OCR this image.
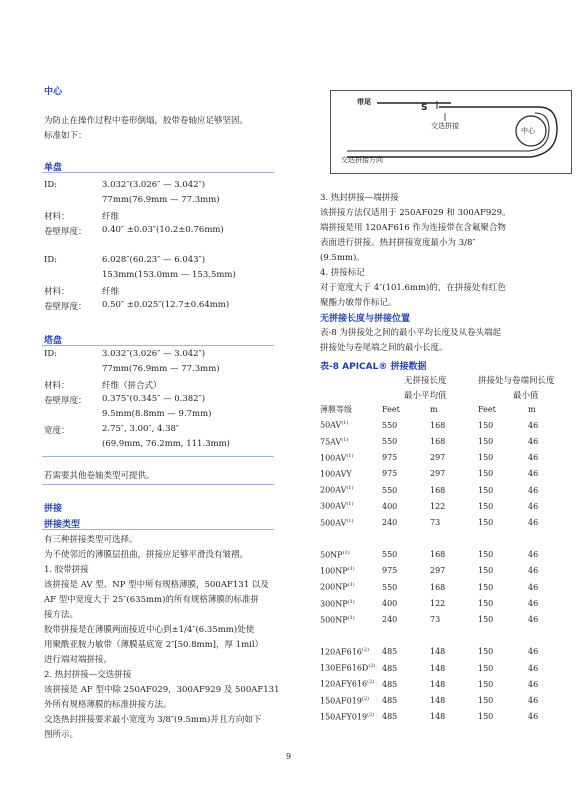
中心
为防止在操作过程中卷形倒塌，胶带卷轴应足够坚固。
标准如下：
单盘
ID:	3.032″(3.026″ — 3.042″)
77mm(76.9mm — 77.3mm)
材料：	纤维
卷壁厚度： 0.40″ ±0.03″(10.2±0.76mm)
ID:	6.028″(60.23″ — 6.043″)
153mm(153.0mm — 153.5mm)
材料：	纤维
卷壁厚度： 0.50″ ±0.025″(12.7±0.64mm)
塔盘
ID:	3.032″(3.026″ — 3.042″)
77mm(76.9mm — 77.3mm)
材料：	纤维（拼合式）
卷壁厚度： 0.375″(0.345″ — 0.382″)
9.5mm(8.8mm — 9.7mm)
宽度：	2.75″, 3.00″, 4.38″
(69.9mm, 76.2mm, 111.3mm)
若需要其他卷轴类型可提供。
拼接
拼接类型
有三种拼接类型可选择。
为不使邻近的薄膜层扭曲，拼接应足够平滑没有皱褶。
1. 胶带拼接
该拼接是 AV 型、NP 型中所有规格薄膜，500AF131 以及
AF 型中宽度大于 25″(635mm)的所有规格薄膜的标准拼
接方法。
胶带拼接是在薄膜两面接近中心到±1/4″(6.35mm)处使
用聚酰亚胺力敏带（薄膜基底宽 2″[50.8mm]，厚 1mil）
进行端对端拼接。
2. 热封拼接—交迭拼接
该拼接是 AF 型中除 250AF029，300AF929 及 500AF131
外所有规格薄膜的标准拼接方法。
交迭热封拼接要求最小宽度为 3/8″(9.5mm)并且方向如下
图所示。
带尾
S
交迭拼接
中心
交迭拼接方向
3. 热封拼接—端拼接
该拼接方法仅适用于 250AF029 和 300AF929。
端拼接是用 120AF616 作为连接带在含氟聚合物
表面进行拼接。热封拼接宽度最小为 3/8″
(9.5mm)。
4. 拼接标记
对于宽度大于 4″(101.6mm)的，在拼接处有红色
聚酯力敏带作标记。
无拼接长度与拼接位置
表-8 为拼接处之间的最小平均长度及从卷头端起
拼接处与卷尾端之间的最小长度。
表-8 APICAL® 拼接数据
无拼接长度
最小平均值
拼接处与卷端间长度
最小值
薄膜等级	Feet	m	Feet	m
50AV$^{(1)}$	550	168	150	46
75AV$^{(1)}$	550	168	150	46
100AV$^{(1)}$	975	297	150	46
100AVY	975	297	150	46
200AV$^{(1)}$	550	168	150	46
300AV$^{(1)}$	400	122	150	46
500AV$^{(1)}$	240	73	150	46

50NP$^{(1)}$	550	168	150	46
100NP$^{(1)}$	975	297	150	46
200NP$^{(1)}$	550	168	150	46
300NP$^{(1)}$	400	122	150	46
500NP$^{(1)}$	240	73	150	46

120AF616$^{(2)}$	485	148	150	46
$130EF616D^{(2)}$	485	148	150	46
120AFY616$^{(2)}$	485	148	150	46
150AF019$^{(2)}$	485	148	150	46
150AFY019$^{(2)}$	485	148	150	46
9
